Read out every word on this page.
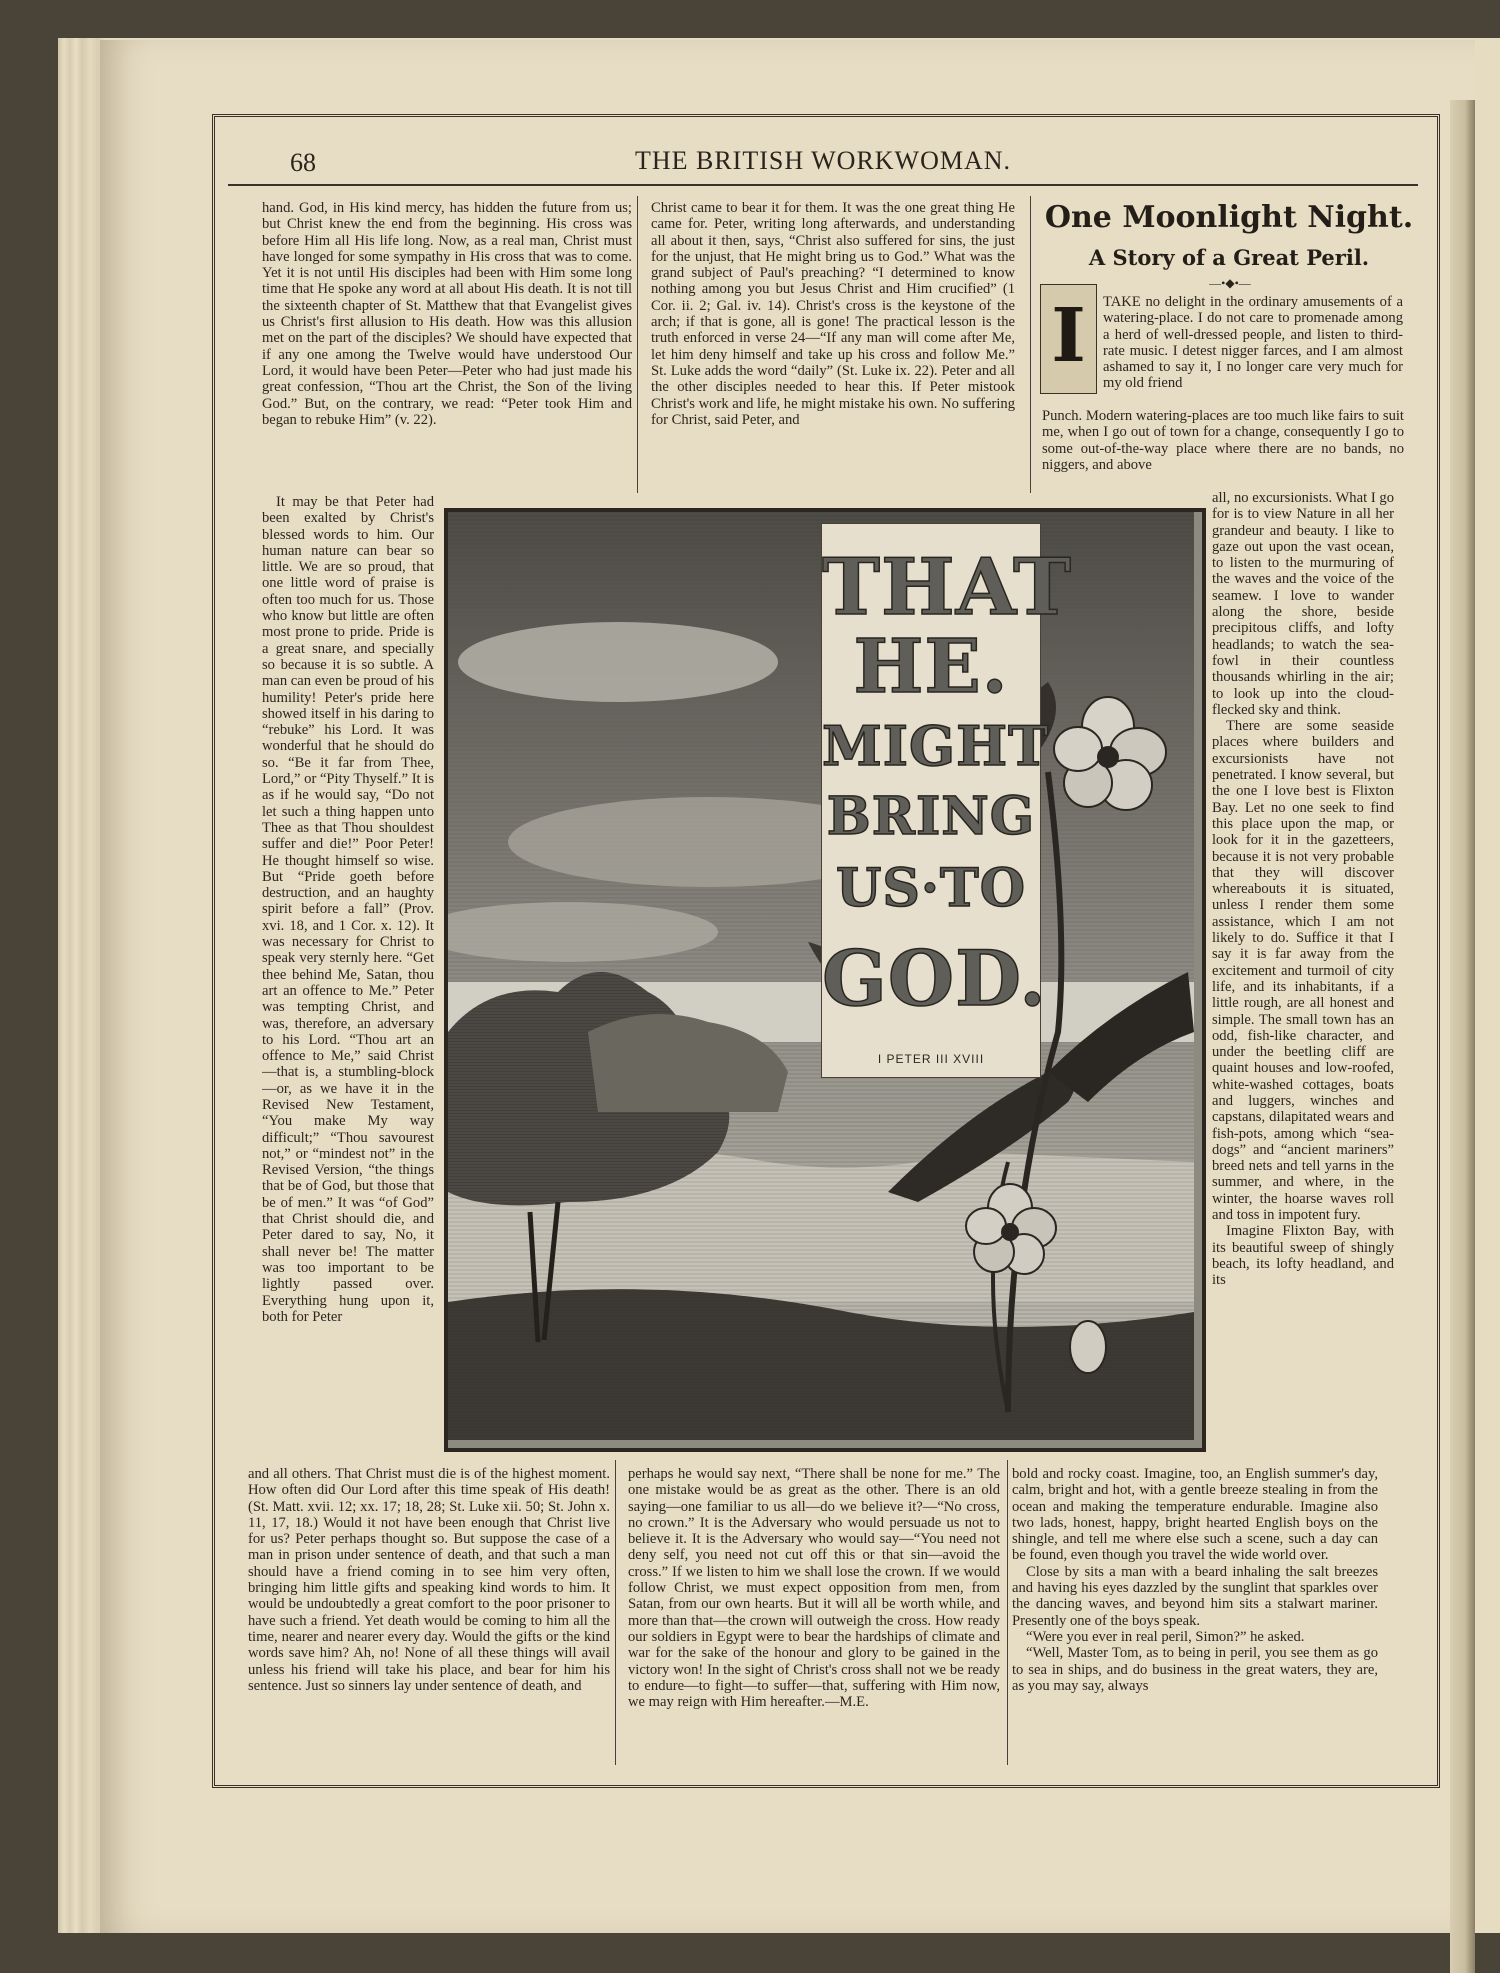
68	THE BRITISH WORKWOMAN.

hand. God, in His kind mercy, has hidden the future from us; but Christ knew the end from the beginning. His cross was before Him all His life long. Now, as a real man, Christ must have longed for some sympathy in His cross that was to come. Yet it is not until His disciples had been with Him some long time that He spoke any word at all about His death. It is not till the sixteenth chapter of St. Matthew that that Evangelist gives us Christ's first allusion to His death. How was this allusion met on the part of the disciples? We should have expected that if any one among the Twelve would have understood Our Lord, it would have been Peter—Peter who had just made his great confession, “Thou art the Christ, the Son of the living God.” But, on the contrary, we read: “Peter took Him and began to rebuke Him” (v. 22).

It may be that Peter had been exalted by Christ's blessed words to him. Our human nature can bear so little. We are so proud, that one little word of praise is often too much for us. Those who know but little are often most prone to pride. Pride is a great snare, and specially so because it is so subtle. A man can even be proud of his humility! Peter's pride here showed itself in his daring to “rebuke” his Lord. It was wonderful that he should do so. “Be it far from Thee, Lord,” or “Pity Thyself.” It is as if he would say, “Do not let such a thing happen unto Thee as that Thou shouldest suffer and die!” Poor Peter! He thought himself so wise. But “Pride goeth before destruction, and an haughty spirit before a fall” (Prov. xvi. 18, and 1 Cor. x. 12). It was necessary for Christ to speak very sternly here. “Get thee behind Me, Satan, thou art an offence to Me.” Peter was tempting Christ, and was, therefore, an adversary to his Lord. “Thou art an offence to Me,” said Christ—that is, a stumbling-block—or, as we have it in the Revised New Testament, “You make My way difficult;” “Thou savourest not,” or “mindest not” in the Revised Version, “the things that be of God, but those that be of men.” It was “of God” that Christ should die, and Peter dared to say, No, it shall never be! The matter was too important to be lightly passed over. Everything hung upon it, both for Peter

and all others. That Christ must die is of the highest moment. How often did Our Lord after this time speak of His death! (St. Matt. xvii. 12; xx. 17; 18, 28; St. Luke xii. 50; St. John x. 11, 17, 18.) Would it not have been enough that Christ live for us? Peter perhaps thought so. But suppose the case of a man in prison under sentence of death, and that such a man should have a friend coming in to see him very often, bringing him little gifts and speaking kind words to him. It would be undoubtedly a great comfort to the poor prisoner to have such a friend. Yet death would be coming to him all the time, nearer and nearer every day. Would the gifts or the kind words save him? Ah, no! None of all these things will avail unless his friend will take his place, and bear for him his sentence. Just so sinners lay under sentence of death, and

Christ came to bear it for them. It was the one great thing He came for. Peter, writing long afterwards, and understanding all about it then, says, “Christ also suffered for sins, the just for the unjust, that He might bring us to God.” What was the grand subject of Paul's preaching? “I determined to know nothing among you but Jesus Christ and Him crucified” (1 Cor. ii. 2; Gal. iv. 14). Christ's cross is the keystone of the arch; if that is gone, all is gone! The practical lesson is the truth enforced in verse 24—“If any man will come after Me, let him deny himself and take up his cross and follow Me.” St. Luke adds the word “daily” (St. Luke ix. 22). Peter and all the other disciples needed to hear this. If Peter mistook Christ's work and life, he might mistake his own. No suffering for Christ, said Peter, and

perhaps he would say next, “There shall be none for me.” The one mistake would be as great as the other. There is an old saying—one familiar to us all—do we believe it?—“No cross, no crown.” It is the Adversary who would persuade us not to believe it. It is the Adversary who would say—“You need not deny self, you need not cut off this or that sin—avoid the cross.” If we listen to him we shall lose the crown. If we would follow Christ, we must expect opposition from men, from Satan, from our own hearts. But it will all be worth while, and more than that—the crown will outweigh the cross. How ready our soldiers in Egypt were to bear the hardships of climate and war for the sake of the honour and glory to be gained in the victory won! In the sight of Christ's cross shall not we be ready to endure—to fight—to suffer—that, suffering with Him now, we may reign with Him hereafter.—M.E.

One Moonlight Night.
A Story of a Great Peril.
—•◆•—
I	TAKE no delight in the ordinary amusements of a watering-place. I do not care to promenade among a herd of well-dressed people, and listen to third-rate music. I detest nigger farces, and I am almost ashamed to say it, I no longer care very much for my old friend

Punch. Modern watering-places are too much like fairs to suit me, when I go out of town for a change, consequently I go to some out-of-the-way place where there are no bands, no niggers, and above

all, no excursionists. What I go for is to view Nature in all her grandeur and beauty. I like to gaze out upon the vast ocean, to listen to the murmuring of the waves and the voice of the seamew. I love to wander along the shore, beside precipitous cliffs, and lofty headlands; to watch the sea-fowl in their countless thousands whirling in the air; to look up into the cloud-flecked sky and think.

There are some seaside places where builders and excursionists have not penetrated. I know several, but the one I love best is Flixton Bay. Let no one seek to find this place upon the map, or look for it in the gazetteers, because it is not very probable that they will discover whereabouts it is situated, unless I render them some assistance, which I am not likely to do. Suffice it that I say it is far away from the excitement and turmoil of city life, and its inhabitants, if a little rough, are all honest and simple. The small town has an odd, fish-like character, and under the beetling cliff are quaint houses and low-roofed, white-washed cottages, boats and luggers, winches and capstans, dilapitated wears and fish-pots, among which “sea-dogs” and “ancient mariners” breed nets and tell yarns in the summer, and where, in the winter, the hoarse waves roll and toss in impotent fury.

Imagine Flixton Bay, with its beautiful sweep of shingly beach, its lofty headland, and its

bold and rocky coast. Imagine, too, an English summer's day, calm, bright and hot, with a gentle breeze stealing in from the ocean and making the temperature endurable. Imagine also two lads, honest, happy, bright hearted English boys on the shingle, and tell me where else such a scene, such a day can be found, even though you travel the wide world over.

Close by sits a man with a beard inhaling the salt breezes and having his eyes dazzled by the sunglint that sparkles over the dancing waves, and beyond him sits a stalwart mariner. Presently one of the boys speak.

“Were you ever in real peril, Simon?” he asked.

“Well, Master Tom, as to being in peril, you see them as go to sea in ships, and do business in the great waters, they are, as you may say, always

THAT
HE.
MIGHT
BRING
US·TO
GOD.
I PETER III XVIII
